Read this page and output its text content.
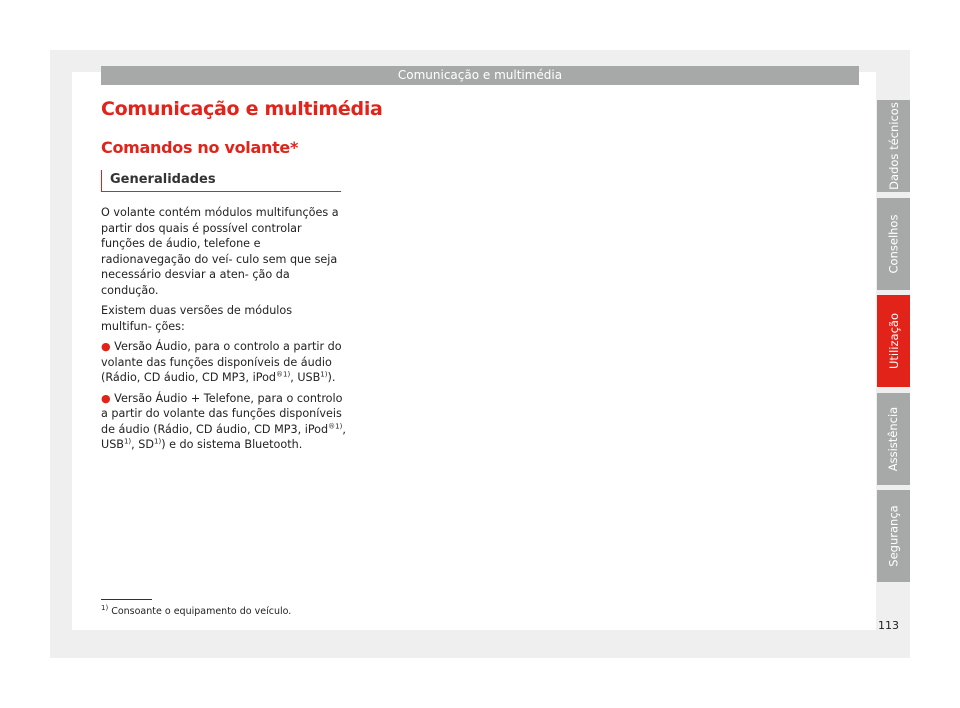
Comunicação e multimédia
Comunicação e multimédia
Comandos no volante*
Generalidades

O volante contém módulos multifunções a partir dos quais é possível controlar funções de áudio, telefone e radionavegação do veí- culo sem que seja necessário desviar a aten- ção da condução.

Existem duas versões de módulos multifun- ções:

● Versão Áudio, para o controlo a partir do volante das funções disponíveis de áudio (Rádio, CD áudio, CD MP3, iPod$^{®1)}$, USB$^{1)}$).

● Versão Áudio + Telefone, para o controlo a partir do volante das funções disponíveis de áudio (Rádio, CD áudio, CD MP3, iPod$^{®1)}$, USB$^{1)}$, SD$^{1)}$) e do sistema Bluetooth.

$^{1)}$ Consoante o equipamento do veículo.
113
Dados técnicos
Conselhos
Utilização
Assistência
Segurança
